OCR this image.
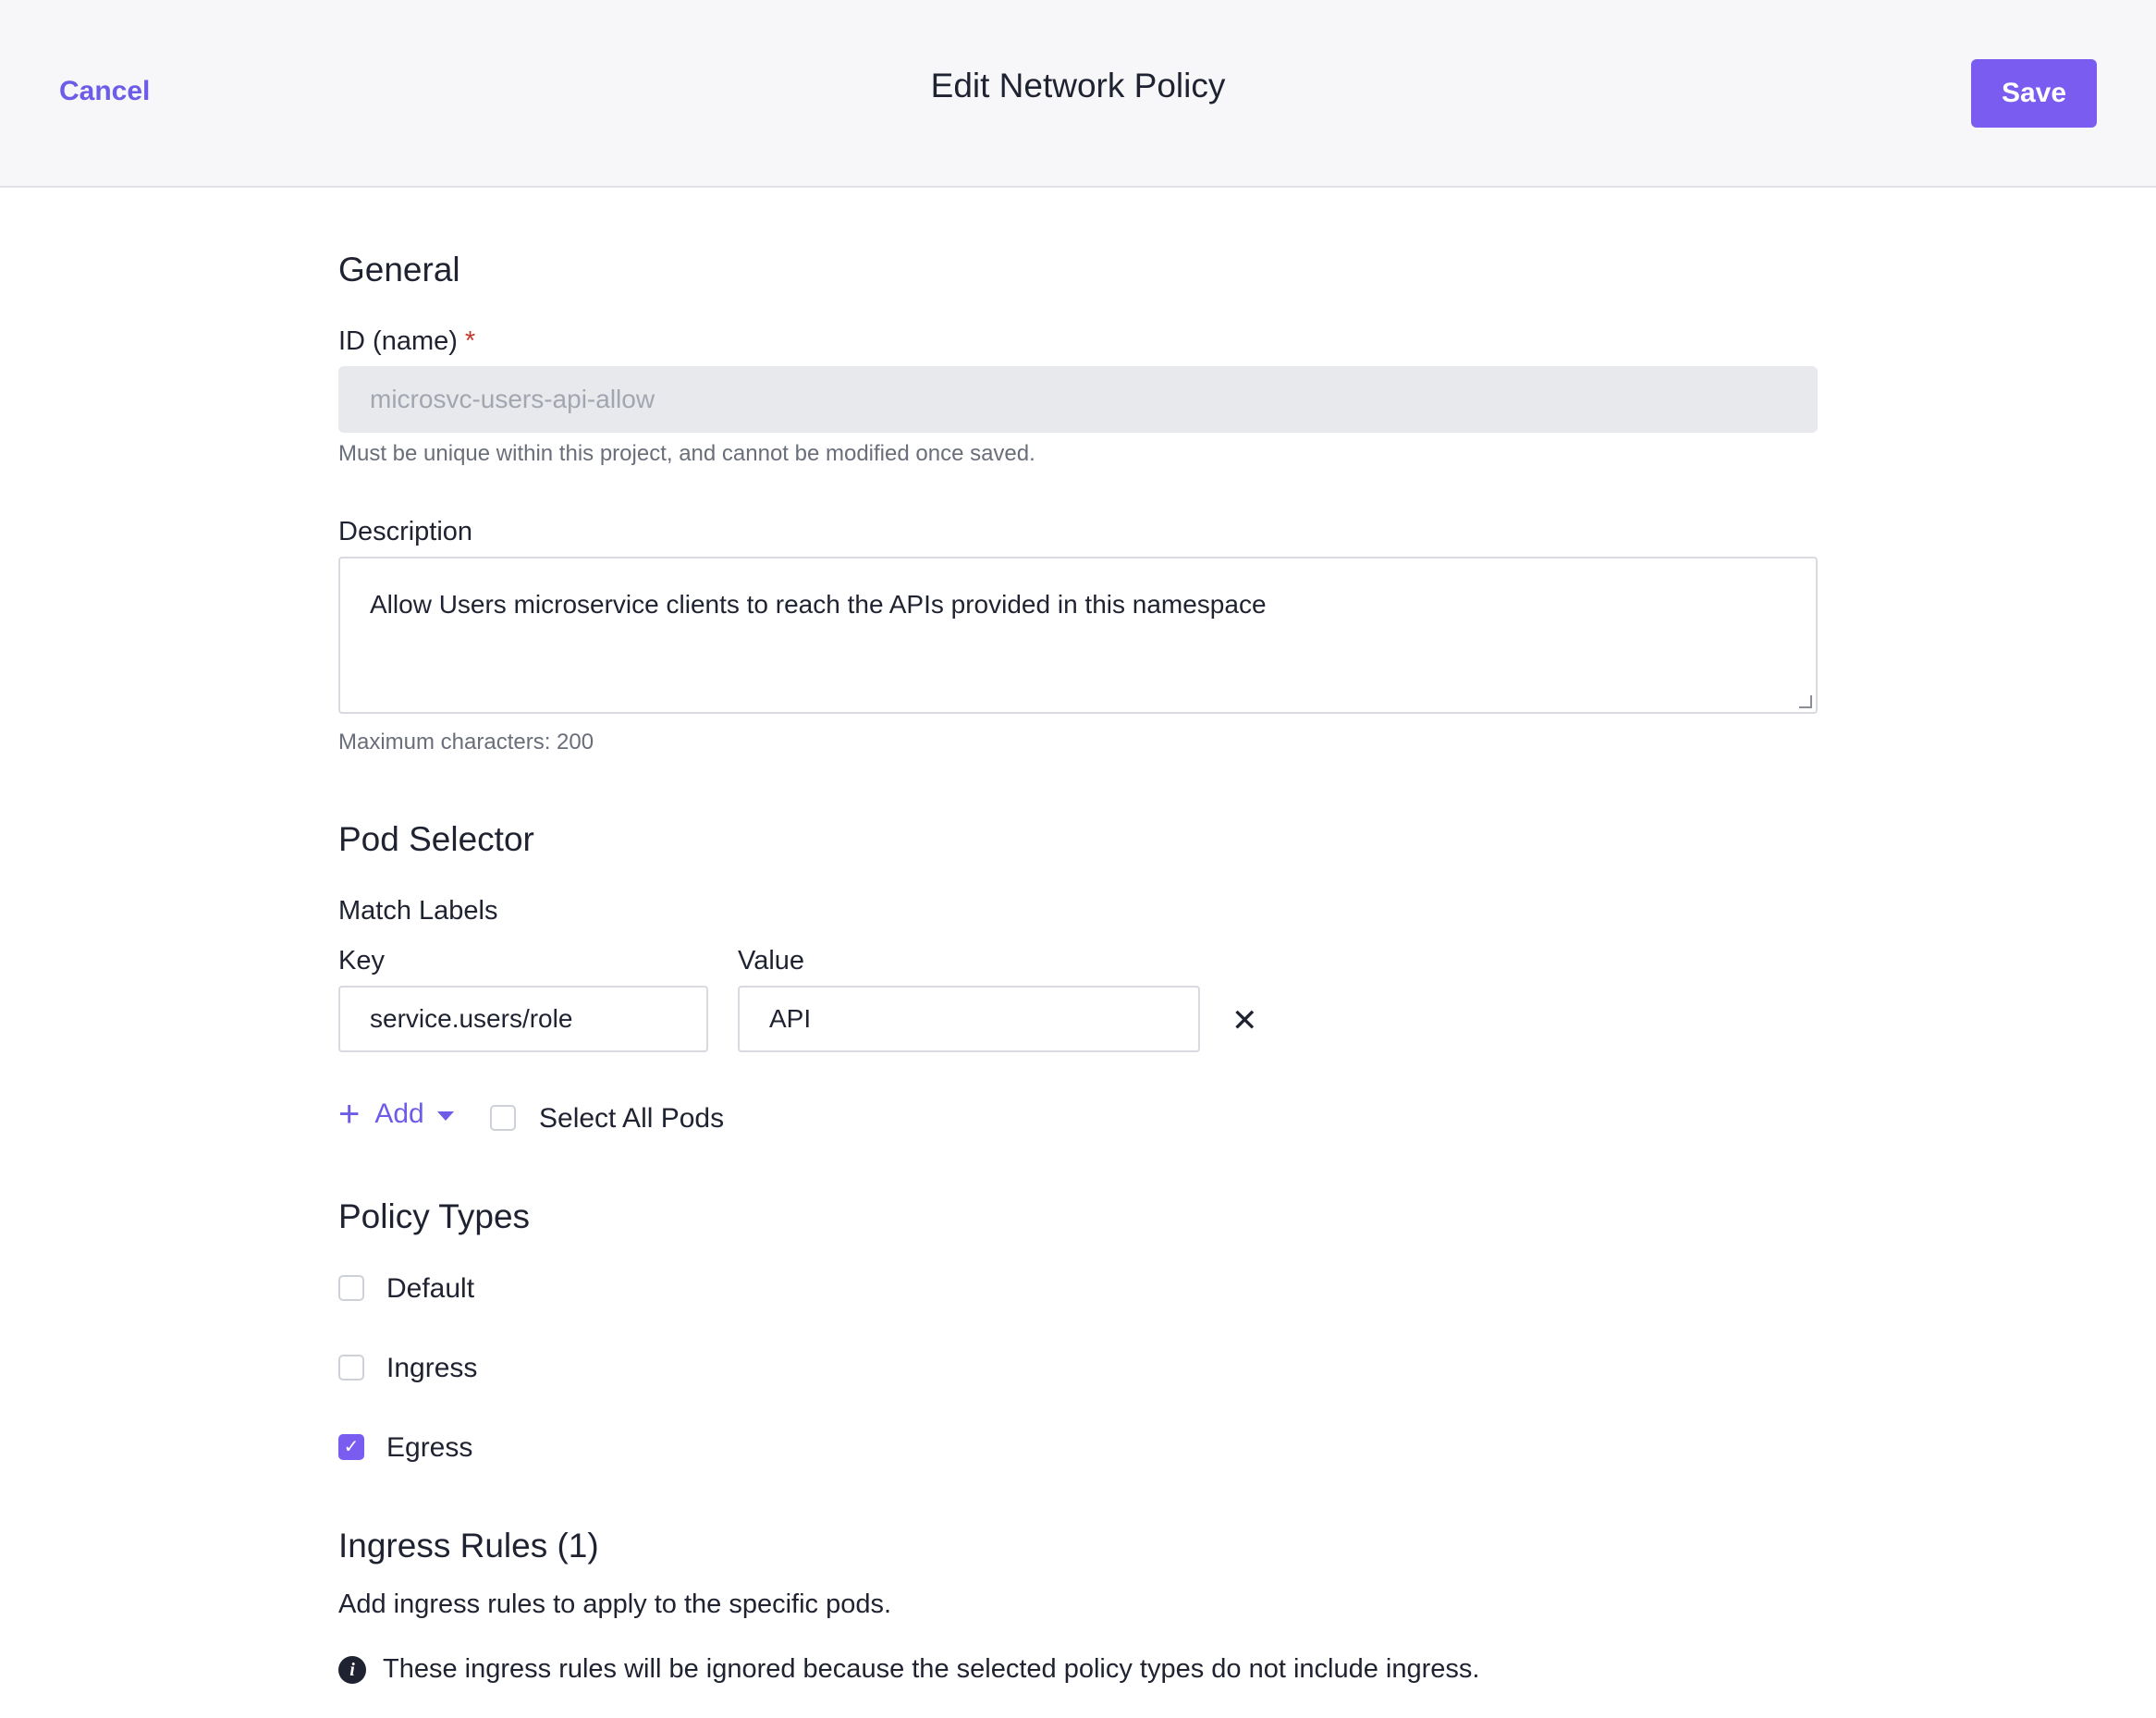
Cancel	Edit Network Policy	Save
General
ID (name) *
microsvc-users-api-allow
Must be unique within this project, and cannot be modified once saved.
Description
Allow Users microservice clients to reach the APIs provided in this namespace
Maximum characters: 200
Pod Selector
Match Labels
Key	Value
service.users/role	API	✕
+ Add	Select All Pods
Policy Types
Default
Ingress
✓ Egress
Ingress Rules (1)
Add ingress rules to apply to the specific pods.
i	These ingress rules will be ignored because the selected policy types do not include ingress.
